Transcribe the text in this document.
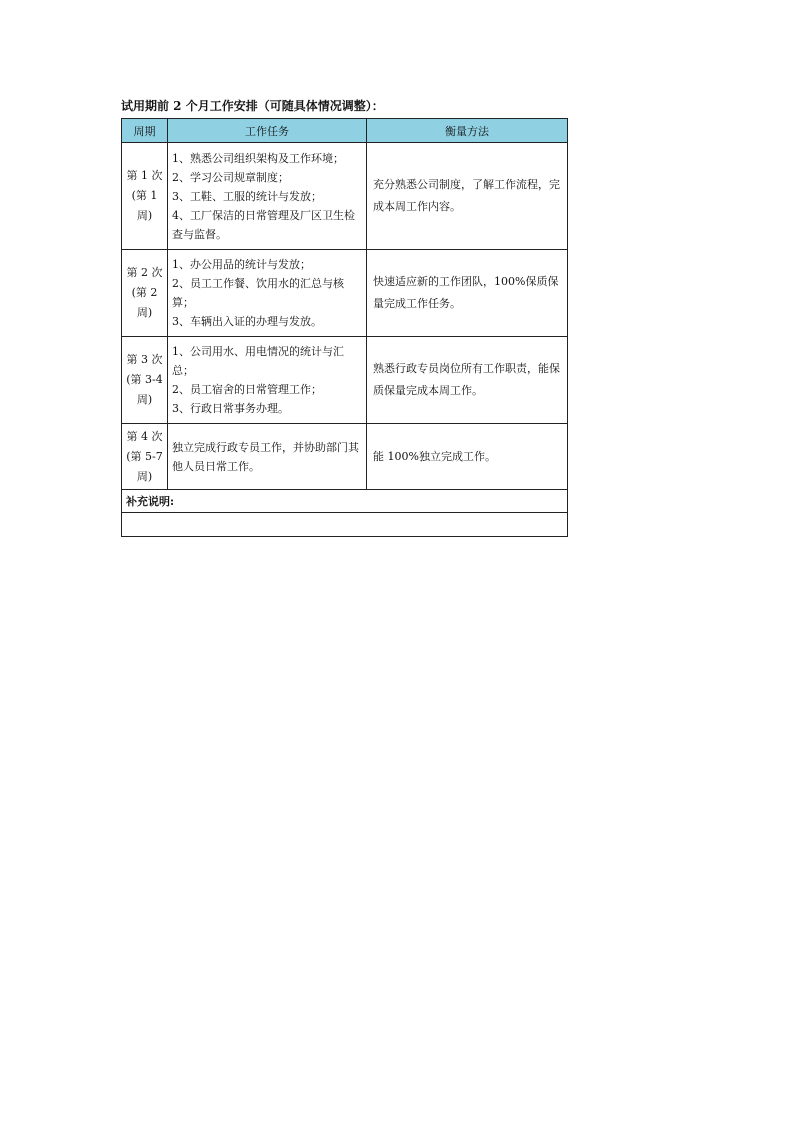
试用期前 2 个月工作安排（可随具体情况调整）：
周期	工作任务	衡量方法
第 1 次(第 1 周)	1、熟悉公司组织架构及工作环境；
2、学习公司规章制度；
3、工鞋、工服的统计与发放；
4、工厂保洁的日常管理及厂区卫生检查与监督。	充分熟悉公司制度，了解工作流程，完成本周工作内容。
第 2 次(第 2 周)	1、办公用品的统计与发放；
2、员工工作餐、饮用水的汇总与核算；
3、车辆出入证的办理与发放。	快速适应新的工作团队，100%保质保量完成工作任务。
第 3 次(第 3-4 周)	1、公司用水、用电情况的统计与汇总；
2、员工宿舍的日常管理工作；
3、行政日常事务办理。	熟悉行政专员岗位所有工作职责，能保质保量完成本周工作。
第 4 次(第 5-7 周)	独立完成行政专员工作，并协助部门其他人员日常工作。	能 100%独立完成工作。
补充说明:		
